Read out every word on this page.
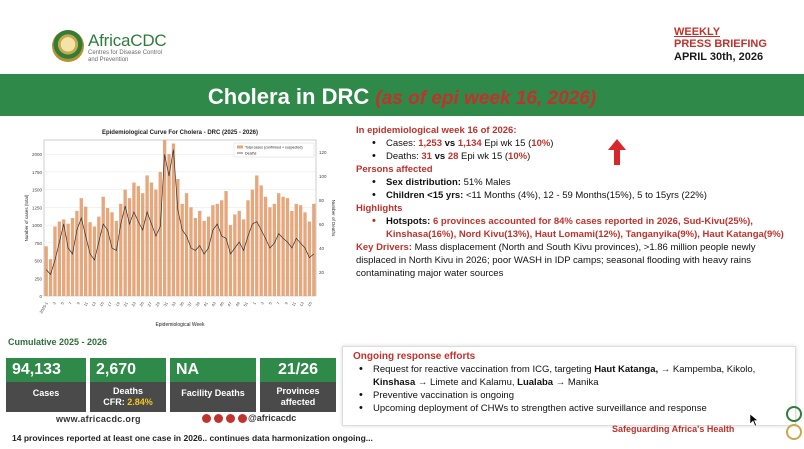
AfricaCDC
Centres for Disease Control and Prevention
WEEKLY
PRESS BRIEFING
APRIL 30th, 2026
Cholera in DRC (as of epi week 16, 2026)
Epidemiological Curve For Cholera - DRC (2025 - 2026)
0
250
500
750
1000
1250
1500
1750
2000
20
40
60
80
100
120
2025-1 3 5 7 9 11 13 15 17 19 21 23 25 27 29 31 33 35 37 39 41 43 45 47 49 51 1 3 5 7 9 11 13 15
Epidemiological Week
Number of cases (total)	Number of Deaths
Total cases (confirmed + suspected)
Deaths
In epidemiological week 16 of 2026:
• Cases: 1,253 vs 1,134 Epi wk 15 (10%)
• Deaths: 31 vs 28 Epi wk 15 (10%)
Persons affected
• Sex distribution: 51% Males
• Children <15 yrs: <11 Months (4%), 12 - 59 Months(15%), 5 to 15yrs (22%)
Highlights
• Hotspots: 6 provinces accounted for 84% cases reported in 2026, Sud-Kivu(25%), Kinshasa(16%), Nord Kivu(13%), Haut Lomami(12%), Tanganyika(9%), Haut Katanga(9%)
Key Drivers: Mass displacement (North and South Kivu provinces), >1.86 million people newly displaced in North Kivu in 2026; poor WASH in IDP camps; seasonal flooding with heavy rains contaminating major water sources
Cumulative 2025 - 2026
94,133
Cases
2,670
Deaths
CFR: 2.84%
NA
Facility Deaths
21/26
Provinces affected
Ongoing response efforts
• Request for reactive vaccination from ICG, targeting Haut Katanga, → Kampemba, Kikolo, Kinshasa → Limete and Kalamu, Lualaba → Manika
• Preventive vaccination is ongoing
• Upcoming deployment of CHWs to strengthen active surveillance and response
www.africacdc.org	@africacdc
14 provinces reported at least one case in 2026.. continues data harmonization ongoing...
Safeguarding Africa's Health
